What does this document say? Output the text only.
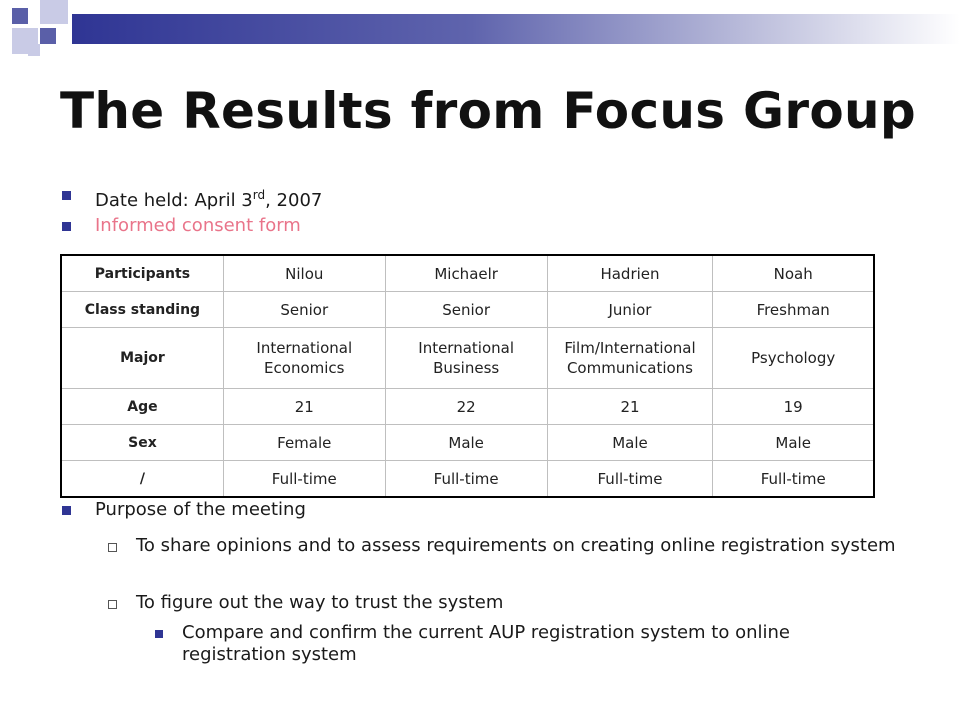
The Results from Focus Group
Date held: April 3rd, 2007
Informed consent form
Participants	Nilou	Michaelr	Hadrien	Noah
Class standing	Senior	Senior	Junior	Freshman
Major	International Economics	International Business	Film/International Communications	Psychology
Age	21	22	21	19
Sex	Female	Male	Male	Male
/	Full-time	Full-time	Full-time	Full-time
Purpose of the meeting
To share opinions and to assess requirements on creating online registration system
To figure out the way to trust the system
Compare and confirm the current AUP registration system to online registration system
